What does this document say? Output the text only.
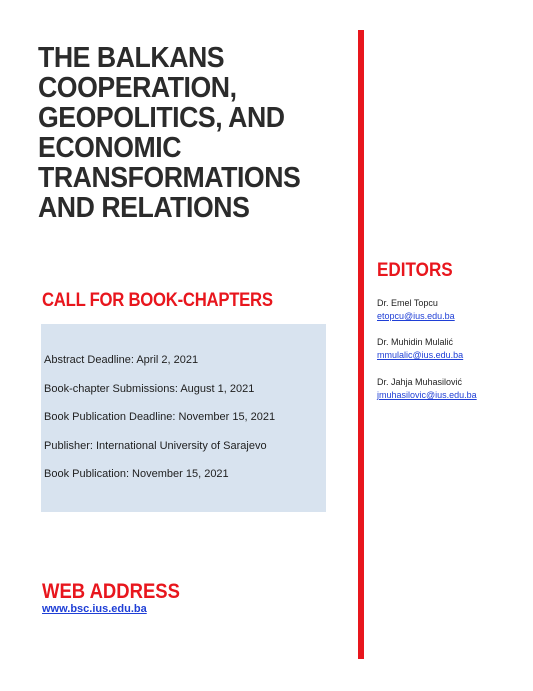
THE BALKANS
COOPERATION,
GEOPOLITICS, AND
ECONOMIC
TRANSFORMATIONS
AND RELATIONS
CALL FOR BOOK-CHAPTERS
Abstract Deadline: April 2, 2021
Book-chapter Submissions: August 1, 2021
Book Publication Deadline: November 15, 2021
Publisher: International University of Sarajevo
Book Publication: November 15, 2021
EDITORS
Dr. Emel Topcu
etopcu@ius.edu.ba
Dr. Muhidin Mulalić
mmulalic@ius.edu.ba
Dr. Jahja Muhasilović
jmuhasilovic@ius.edu.ba
WEB ADDRESS
www.bsc.ius.edu.ba
